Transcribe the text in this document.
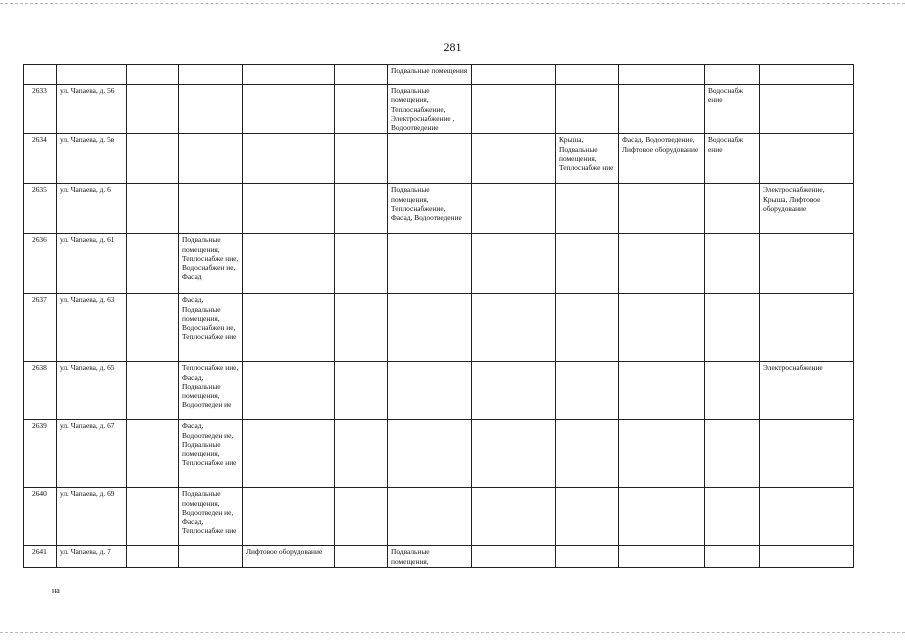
281
						Подвальные помещения					
2633	ул. Чапаева, д. 56					Подвальные помещения, Теплоснабжение, Электроснабжение , Водоотведение				Водоснабж ение	
2634	ул. Чапаева, д. 5в							Крыша, Подвальные помещения, Теплоснабже ние	Фасад, Водоотведение, Лифтовое оборудование	Водоснабж ение	
2635	ул. Чапаева, д. 6					Подвальные помещения, Теплоснабжение, Фасад, Водоотведение					Электроснабжение, Крыша, Лифтовое оборудование
2636	ул. Чапаева, д. 61		Подвальные помещения, Теплоснабже ние, Водоснабжен ие, Фасад								
2637	ул. Чапаева, д. 63		Фасад, Подвальные помещения, Водоснабжен ие, Теплоснабже ние								
2638	ул. Чапаева, д. 65		Теплоснабже ние, Фасад, Подвальные помещения, Водоотведен ие								Электроснабжение
2639	ул. Чапаева, д. 67		Фасад, Водоотведен ие, Подвальные помещения, Теплоснабже ние								
2640	ул. Чапаева, д. 69		Подвальные помещения, Водоотведен ие, Фасад, Теплоснабже ние								
2641	ул. Чапаева, д. 7			Лифтовое оборудование		Подвальные помещения,					
на
